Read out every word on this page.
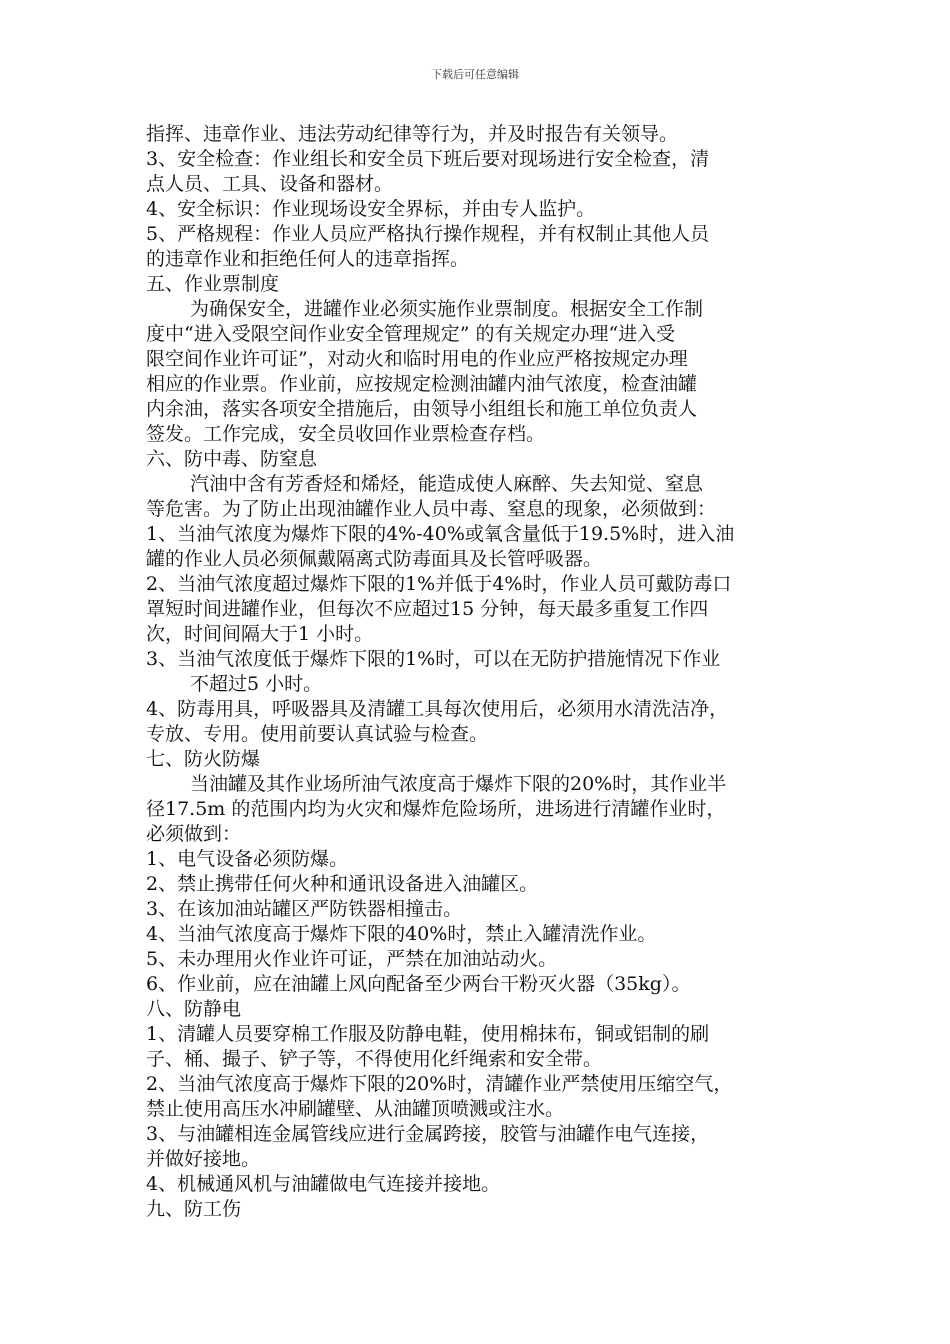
下载后可任意编辑
指挥、违章作业、违法劳动纪律等行为，并及时报告有关领导。
3、安全检查：作业组长和安全员下班后要对现场进行安全检查，清
点人员、工具、设备和器材。
4、安全标识：作业现场设安全界标，并由专人监护。
5、严格规程：作业人员应严格执行操作规程，并有权制止其他人员
的违章作业和拒绝任何人的违章指挥。
五、作业票制度
为确保安全，进罐作业必须实施作业票制度。根据安全工作制
度中“进入受限空间作业安全管理规定” 的有关规定办理“进入受
限空间作业许可证”，对动火和临时用电的作业应严格按规定办理
相应的作业票。作业前，应按规定检测油罐内油气浓度，检查油罐
内余油，落实各项安全措施后，由领导小组组长和施工单位负责人
签发。工作完成，安全员收回作业票检查存档。
六、防中毒、防窒息
汽油中含有芳香烃和烯烃，能造成使人麻醉、失去知觉、窒息
等危害。为了防止出现油罐作业人员中毒、窒息的现象，必须做到：
1、当油气浓度为爆炸下限的4%-40%或氧含量低于19.5%时，进入油
罐的作业人员必须佩戴隔离式防毒面具及长管呼吸器。
2、当油气浓度超过爆炸下限的1%并低于4%时，作业人员可戴防毒口
罩短时间进罐作业，但每次不应超过15 分钟，每天最多重复工作四
次，时间间隔大于1 小时。
3、当油气浓度低于爆炸下限的1%时，可以在无防护措施情况下作业
不超过5 小时。
4、防毒用具，呼吸器具及清罐工具每次使用后，必须用水清洗洁净，
专放、专用。使用前要认真试验与检查。
七、防火防爆
当油罐及其作业场所油气浓度高于爆炸下限的20%时，其作业半
径17.5m 的范围内均为火灾和爆炸危险场所，进场进行清罐作业时，
必须做到：
1、电气设备必须防爆。
2、禁止携带任何火种和通讯设备进入油罐区。
3、在该加油站罐区严防铁器相撞击。
4、当油气浓度高于爆炸下限的40%时，禁止入罐清洗作业。
5、未办理用火作业许可证，严禁在加油站动火。
6、作业前，应在油罐上风向配备至少两台干粉灭火器（35kg）。
八、防静电
1、清罐人员要穿棉工作服及防静电鞋，使用棉抹布，铜或铝制的刷
子、桶、撮子、铲子等，不得使用化纤绳索和安全带。
2、当油气浓度高于爆炸下限的20%时，清罐作业严禁使用压缩空气，
禁止使用高压水冲刷罐壁、从油罐顶喷溅或注水。
3、与油罐相连金属管线应进行金属跨接，胶管与油罐作电气连接，
并做好接地。
4、机械通风机与油罐做电气连接并接地。
九、防工伤
